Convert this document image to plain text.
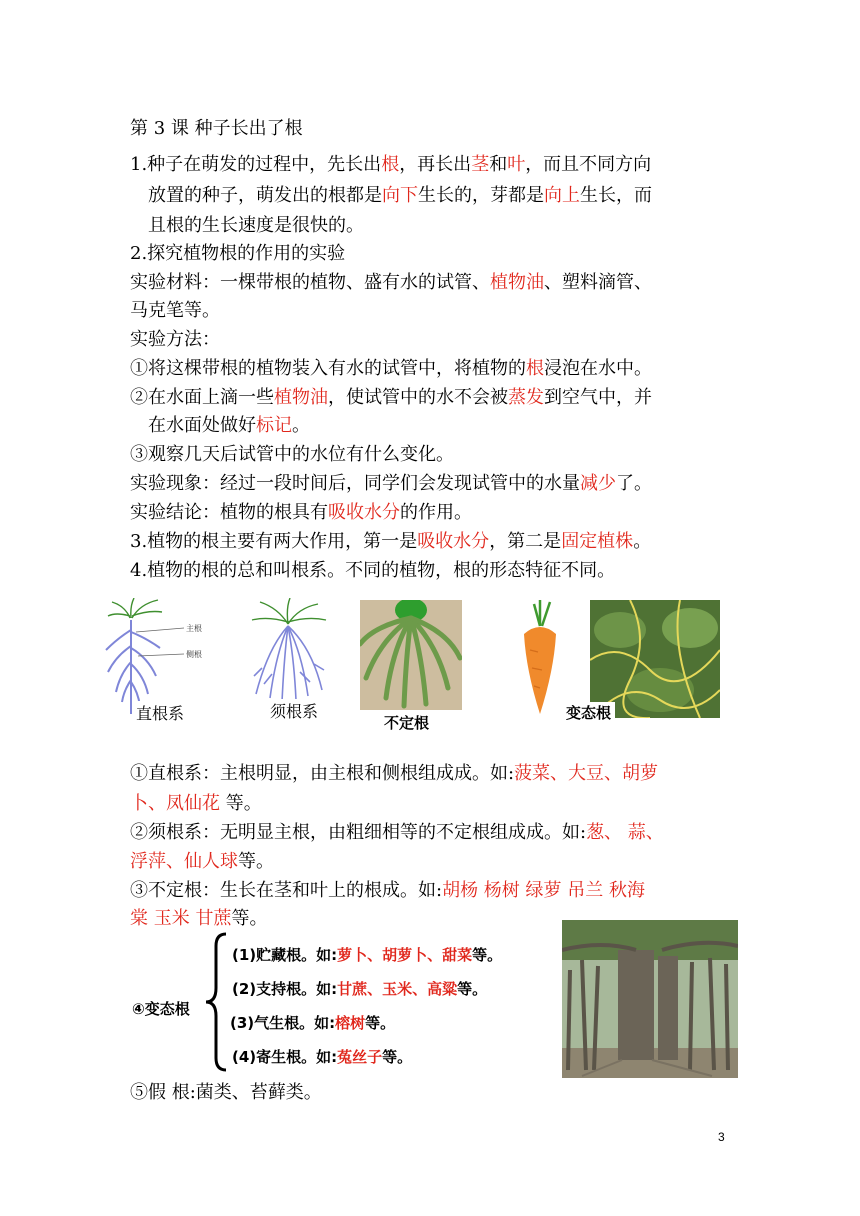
第 3 课 种子长出了根
1.种子在萌发的过程中，先长出根，再长出茎和叶，而且不同方向
放置的种子，萌发出的根都是向下生长的，芽都是向上生长，而
且根的生长速度是很快的。
2.探究植物根的作用的实验
实验材料：一棵带根的植物、盛有水的试管、植物油、塑料滴管、
马克笔等。
实验方法：
①将这棵带根的植物装入有水的试管中，将植物的根浸泡在水中。
②在水面上滴一些植物油，使试管中的水不会被蒸发到空气中，并
在水面处做好标记。
③观察几天后试管中的水位有什么变化。
实验现象：经过一段时间后，同学们会发现试管中的水量减少了。
实验结论：植物的根具有吸收水分的作用。
3.植物的根主要有两大作用，第一是吸收水分，第二是固定植株。
4.植物的根的总和叫根系。不同的植物，根的形态特征不同。
主根
侧根
直根系	须根系
不定根
变态根
①直根系：主根明显，由主根和侧根组成成。如:菠菜、大豆、胡萝
卜、凤仙花 等。
②须根系：无明显主根，由粗细相等的不定根组成成。如:葱、 蒜、
浮萍、仙人球等。
③不定根：生长在茎和叶上的根成。如:胡杨 杨树 绿萝 吊兰 秋海
棠 玉米 甘蔗等。
④变态根
(1)贮藏根。如:萝卜、胡萝卜、甜菜等。
(2)支持根。如:甘蔗、玉米、高粱等。
(3)气生根。如:榕树等。
(4)寄生根。如:菟丝子等。
⑤假 根:菌类、苔藓类。
3
